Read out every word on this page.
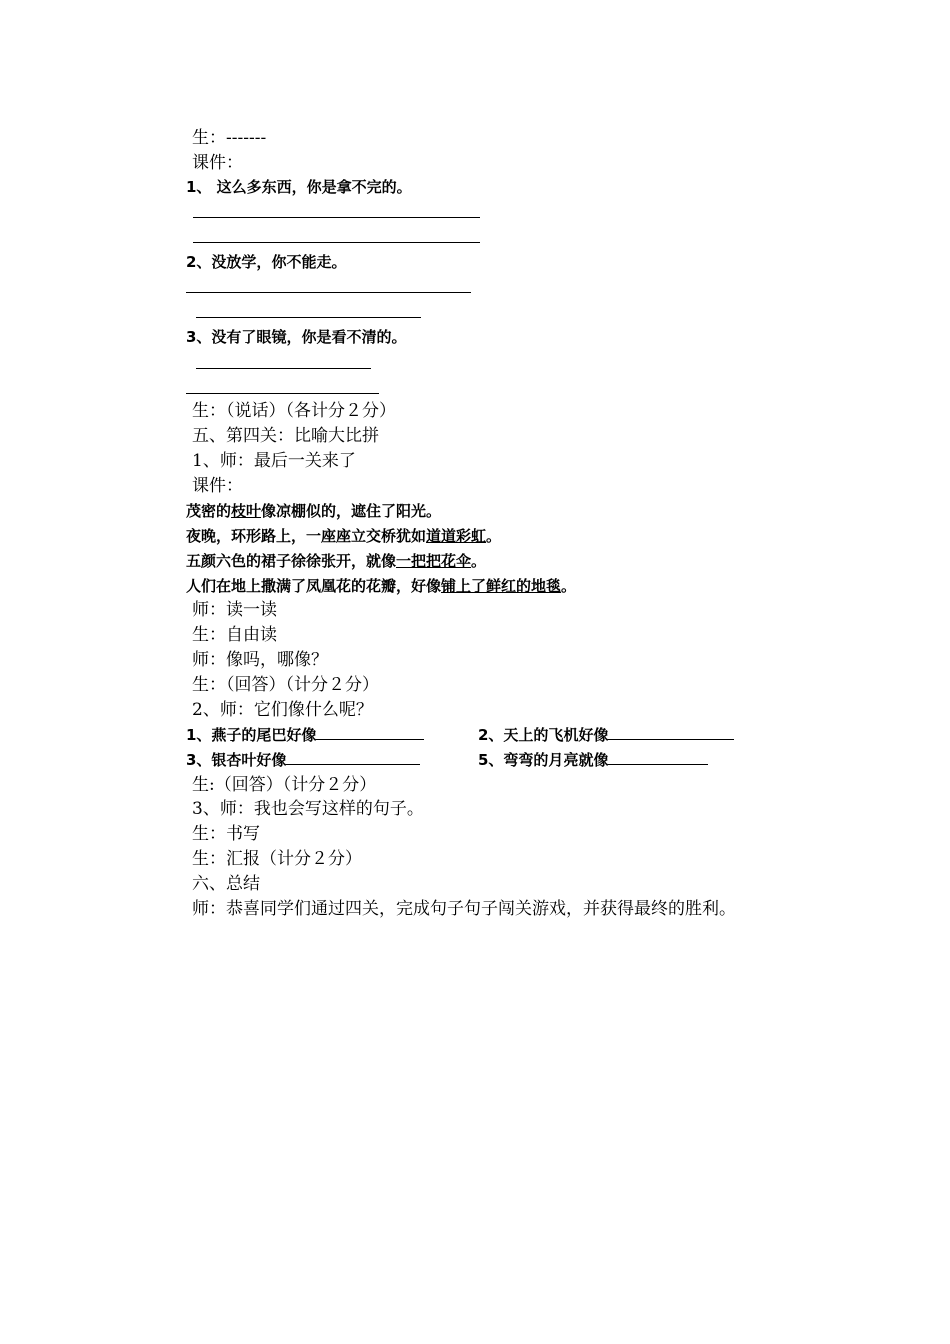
生：-------
课件：
1、 这么多东西，你是拿不完的。
2、没放学，你不能走。
3、没有了眼镜，你是看不清的。
生：（说话）（各计分２分）
五、第四关：比喻大比拼
1、师：最后一关来了
课件：
茂密的枝叶像凉棚似的，遮住了阳光。
夜晚，环形路上，一座座立交桥犹如道道彩虹。
五颜六色的裙子徐徐张开，就像一把把花伞。
人们在地上撒满了凤凰花的花瓣，好像铺上了鲜红的地毯。
师：读一读
生：自由读
师：像吗，哪像？
生：（回答）（计分２分）
2、师：它们像什么呢？
1、燕子的尾巴好像	2、天上的飞机好像
3、银杏叶好像	5、弯弯的月亮就像
生:（回答）（计分２分）
3、师：我也会写这样的句子。
生：书写
生：汇报（计分２分）
六、总结
师：恭喜同学们通过四关，完成句子句子闯关游戏，并获得最终的胜利。
